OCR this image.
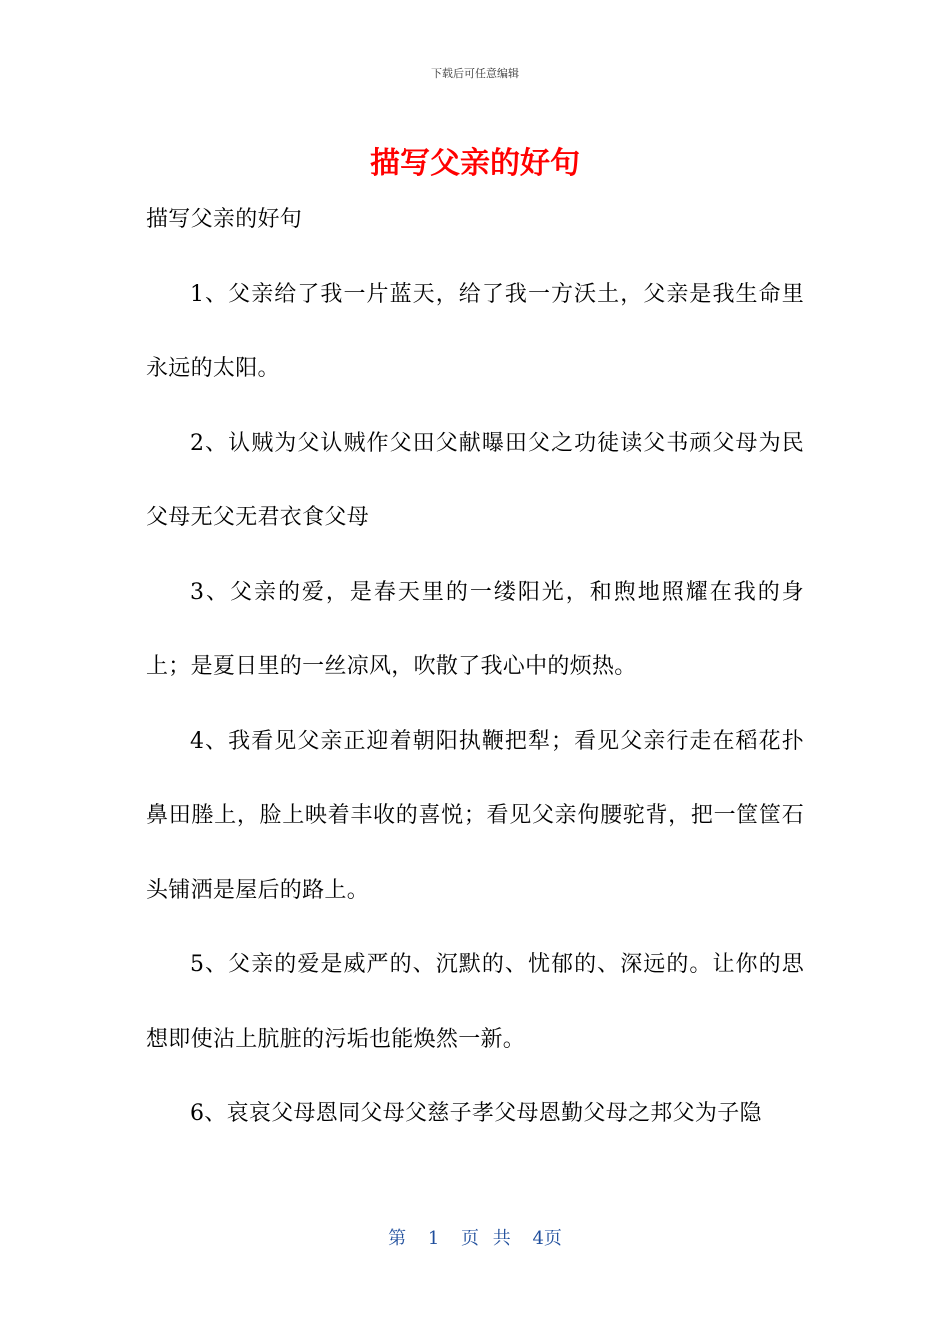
下载后可任意编辑
描写父亲的好句

描写父亲的好句

1、父亲给了我一片蓝天，给了我一方沃土，父亲是我生命里永远的太阳。

2、认贼为父认贼作父田父献曝田父之功徒读父书顽父母为民父母无父无君衣食父母

3、父亲的爱，是春天里的一缕阳光，和煦地照耀在我的身上；是夏日里的一丝凉风，吹散了我心中的烦热。

4、我看见父亲正迎着朝阳执鞭把犁；看见父亲行走在稻花扑鼻田塍上，脸上映着丰收的喜悦；看见父亲佝腰驼背，把一筐筐石头铺洒是屋后的路上。

5、父亲的爱是威严的、沉默的、忧郁的、深远的。让你的思想即使沾上肮脏的污垢也能焕然一新。

6、哀哀父母恩同父母父慈子孝父母恩勤父母之邦父为子隐

第 1 页 共 4页
